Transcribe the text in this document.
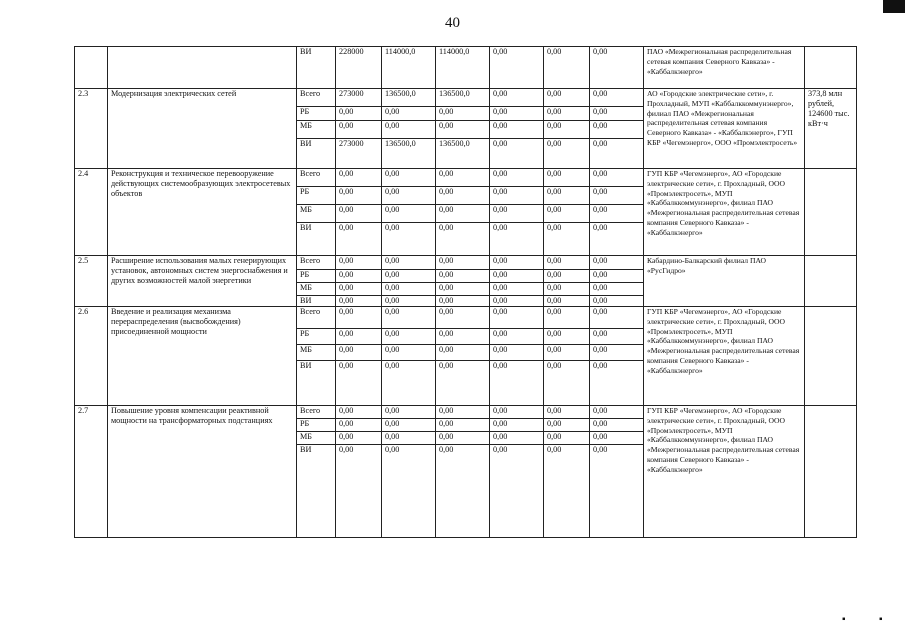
40
		ВИ	228000	114000,0	114000,0	0,00	0,00	0,00	ПАО «Межрегиональная распределительная сетевая компания Северного Кавказа» - «Каббалкэнерго»	
2.3	Модернизация электрических сетей	Всего	273000	136500,0	136500,0	0,00	0,00	0,00	АО «Городские электрические сети», г. Прохладный, МУП «Каббалккоммунэнерго», филиал ПАО «Межрегиональная распределительная сетевая компания Северного Кавказа» - «Каббалкэнерго», ГУП КБР «Чегемэнерго», ООО «Промэлектросеть»	373,8 млн рублей, 124600 тыс. кВт·ч
		РБ	0,00	0,00	0,00	0,00	0,00	0,00		
		МБ	0,00	0,00	0,00	0,00	0,00	0,00		
		ВИ	273000	136500,0	136500,0	0,00	0,00	0,00		
2.4	Реконструкция и техническое перевооружение действующих системообразующих электросетевых объектов	Всего	0,00	0,00	0,00	0,00	0,00	0,00	ГУП КБР «Чегемэнерго», АО «Городские электрические сети», г. Прохладный, ООО «Промэлектросеть», МУП «Каббалккоммунэнерго», филиал ПАО «Межрегиональная распределительная сетевая компания Северного Кавказа» - «Каббалкэнерго»	
		РБ	0,00	0,00	0,00	0,00	0,00	0,00		
		МБ	0,00	0,00	0,00	0,00	0,00	0,00		
		ВИ	0,00	0,00	0,00	0,00	0,00	0,00		
2.5	Расширение использования малых генерирующих установок, автономных систем энергоснабжения и других возможностей малой энергетики	Всего	0,00	0,00	0,00	0,00	0,00	0,00	Кабардино-Балкарский филиал ПАО «РусГидро»	
		РБ	0,00	0,00	0,00	0,00	0,00	0,00		
		МБ	0,00	0,00	0,00	0,00	0,00	0,00		
		ВИ	0,00	0,00	0,00	0,00	0,00	0,00		
2.6	Введение и реализация механизма перераспределения (высвобождения) присоединенной мощности	Всего	0,00	0,00	0,00	0,00	0,00	0,00	ГУП КБР «Чегемэнерго», АО «Городские электрические сети», г. Прохладный, ООО «Промэлектросеть», МУП «Каббалккоммунэнерго», филиал ПАО «Межрегиональная распределительная сетевая компания Северного Кавказа» - «Каббалкэнерго»	
		РБ	0,00	0,00	0,00	0,00	0,00	0,00		
		МБ	0,00	0,00	0,00	0,00	0,00	0,00		
		ВИ	0,00	0,00	0,00	0,00	0,00	0,00		
2.7	Повышение уровня компенсации реактивной мощности на трансформаторных подстанциях	Всего	0,00	0,00	0,00	0,00	0,00	0,00	ГУП КБР «Чегемэнерго», АО «Городские электрические сети», г. Прохладный, ООО «Промэлектросеть», МУП «Каббалккоммунэнерго», филиал ПАО «Межрегиональная распределительная сетевая компания Северного Кавказа» - «Каббалкэнерго»	
		РБ	0,00	0,00	0,00	0,00	0,00	0,00		
		МБ	0,00	0,00	0,00	0,00	0,00	0,00		
		ВИ	0,00	0,00	0,00	0,00	0,00	0,00		
▪	▪
